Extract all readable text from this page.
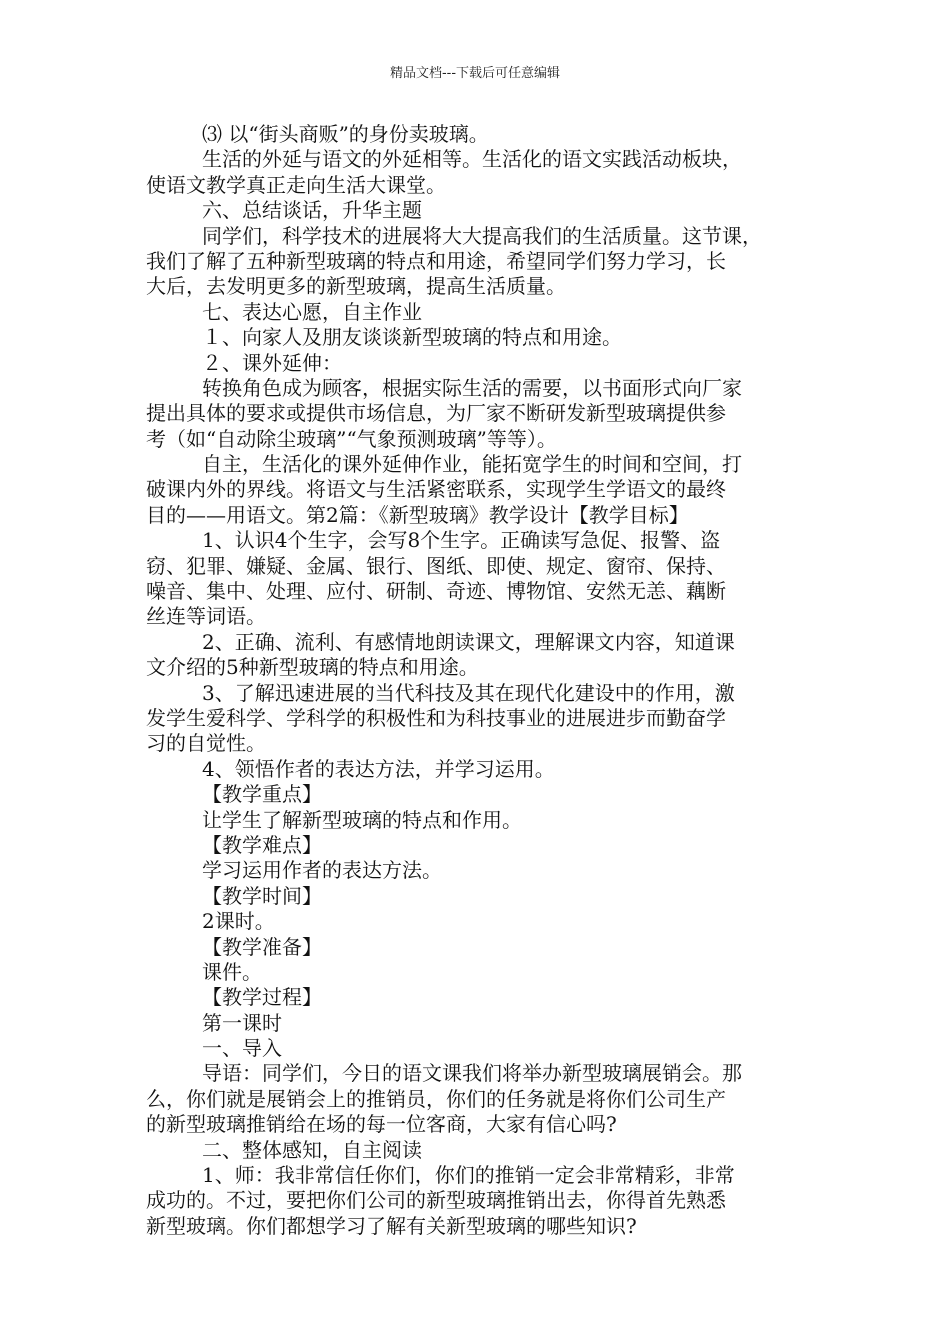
精品文档---下载后可任意编辑
⑶ 以“街头商贩”的身份卖玻璃。
生活的外延与语文的外延相等。生活化的语文实践活动板块，
使语文教学真正走向生活大课堂。
六、总结谈话，升华主题
同学们，科学技术的进展将大大提高我们的生活质量。这节课，
我们了解了五种新型玻璃的特点和用途，希望同学们努力学习，长
大后，去发明更多的新型玻璃，提高生活质量。
七、表达心愿，自主作业
１、向家人及朋友谈谈新型玻璃的特点和用途。
２、课外延伸：
转换角色成为顾客，根据实际生活的需要，以书面形式向厂家
提出具体的要求或提供市场信息，为厂家不断研发新型玻璃提供参
考（如“自动除尘玻璃”“气象预测玻璃”等等）。
自主，生活化的课外延伸作业，能拓宽学生的时间和空间，打
破课内外的界线。将语文与生活紧密联系，实现学生学语文的最终
目的——用语文。第2篇：《新型玻璃》教学设计【教学目标】
1、认识4个生字，会写8个生字。正确读写急促、报警、盗
窃、犯罪、嫌疑、金属、银行、图纸、即使、规定、窗帘、保持、
噪音、集中、处理、应付、研制、奇迹、博物馆、安然无恙、藕断
丝连等词语。
2、正确、流利、有感情地朗读课文，理解课文内容，知道课
文介绍的5种新型玻璃的特点和用途。
3、了解迅速进展的当代科技及其在现代化建设中的作用，激
发学生爱科学、学科学的积极性和为科技事业的进展进步而勤奋学
习的自觉性。
4、领悟作者的表达方法，并学习运用。
【教学重点】
让学生了解新型玻璃的特点和作用。
【教学难点】
学习运用作者的表达方法。
【教学时间】
2课时。
【教学准备】
课件。
【教学过程】
第一课时
一、导入
导语：同学们，今日的语文课我们将举办新型玻璃展销会。那
么，你们就是展销会上的推销员，你们的任务就是将你们公司生产
的新型玻璃推销给在场的每一位客商，大家有信心吗?
二、整体感知，自主阅读
1、师：我非常信任你们，你们的推销一定会非常精彩，非常
成功的。不过，要把你们公司的新型玻璃推销出去，你得首先熟悉
新型玻璃。你们都想学习了解有关新型玻璃的哪些知识?
